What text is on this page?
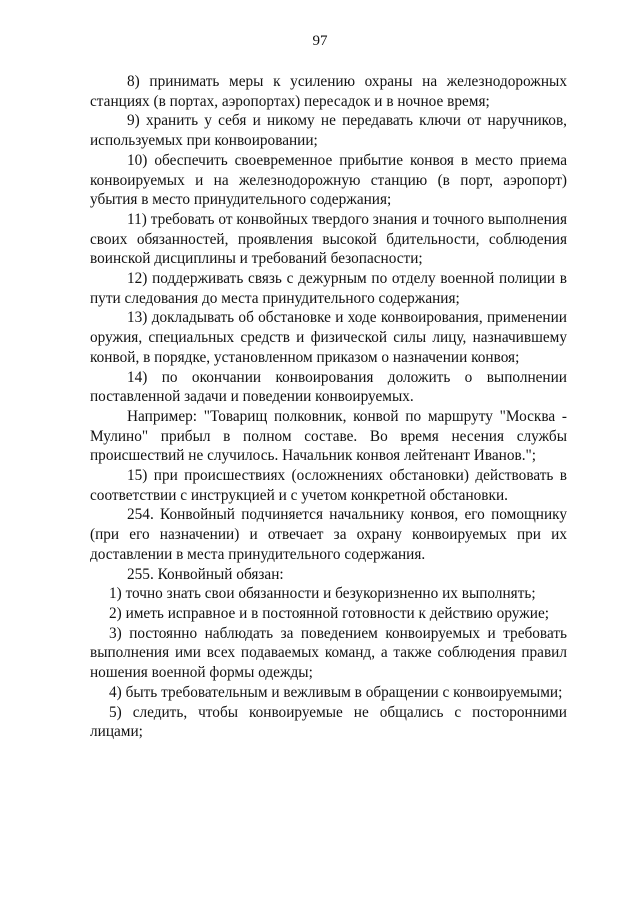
97

8) принимать меры к усилению охраны на железнодорожных станциях (в портах, аэропортах) пересадок и в ночное время;

9) хранить у себя и никому не передавать ключи от наручников, используемых при конвоировании;

10) обеспечить своевременное прибытие конвоя в место приема конвоируемых и на железнодорожную станцию (в порт, аэропорт) убытия в место принудительного содержания;

11) требовать от конвойных твердого знания и точного выполнения своих обязанностей, проявления высокой бдительности, соблюдения воинской дисциплины и требований безопасности;

12) поддерживать связь с дежурным по отделу военной полиции в пути следования до места принудительного содержания;

13) докладывать об обстановке и ходе конвоирования, применении оружия, специальных средств и физической силы лицу, назначившему конвой, в порядке, установленном приказом о назначении конвоя;

14) по окончании конвоирования доложить о выполнении поставленной задачи и поведении конвоируемых.

Например: "Товарищ полковник, конвой по маршруту "Москва - Мулино" прибыл в полном составе. Во время несения службы происшествий не случилось. Начальник конвоя лейтенант Иванов.";

15) при происшествиях (осложнениях обстановки) действовать в соответствии с инструкцией и с учетом конкретной обстановки.

254. Конвойный подчиняется начальнику конвоя, его помощнику (при его назначении) и отвечает за охрану конвоируемых при их доставлении в места принудительного содержания.

255. Конвойный обязан:

1) точно знать свои обязанности и безукоризненно их выполнять;

2) иметь исправное и в постоянной готовности к действию оружие;

3) постоянно наблюдать за поведением конвоируемых и требовать выполнения ими всех подаваемых команд, а также соблюдения правил ношения военной формы одежды;

4) быть требовательным и вежливым в обращении с конвоируемыми;

5) следить, чтобы конвоируемые не общались с посторонними лицами;
